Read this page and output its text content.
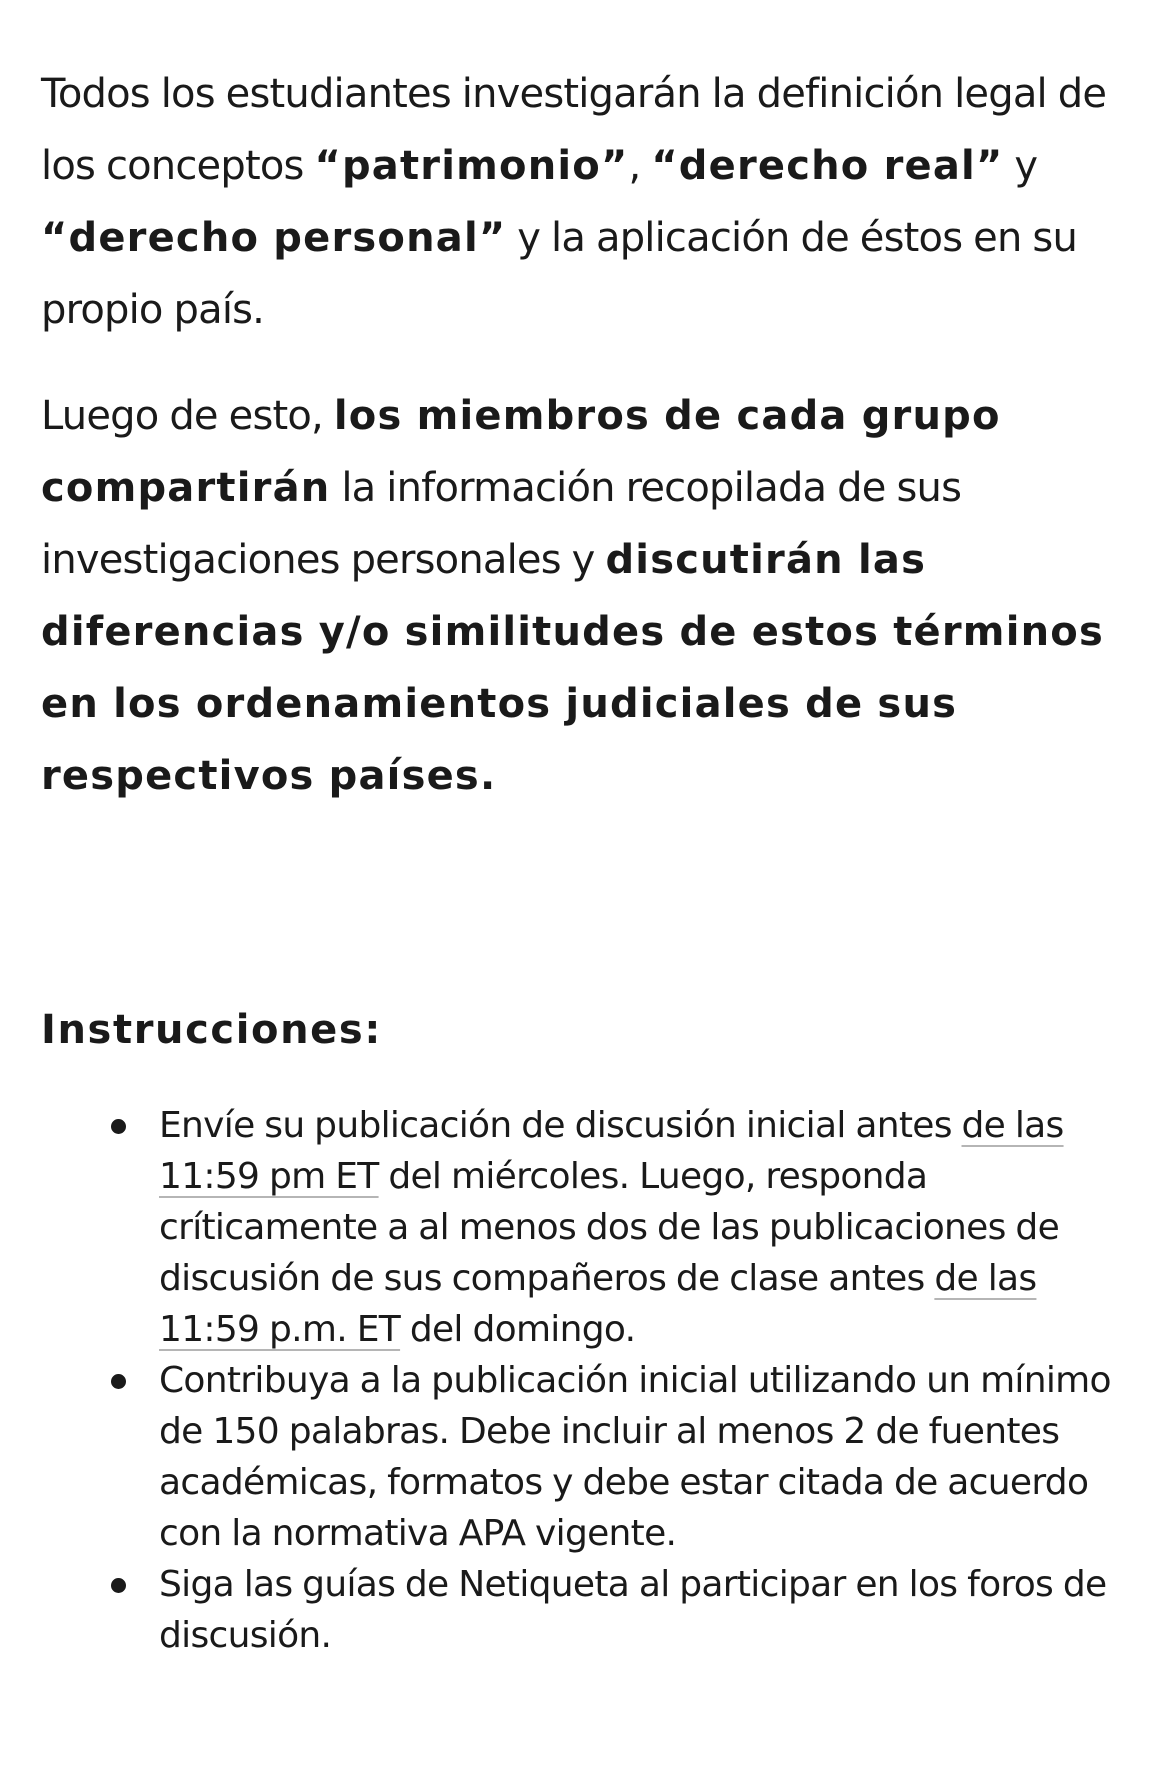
Todos los estudiantes investigarán la definición legal de los conceptos “patrimonio”, “derecho real” y “derecho personal” y la aplicación de éstos en su propio país.

Luego de esto, los miembros de cada grupo compartirán la información recopilada de sus investigaciones personales y discutirán las diferencias y/o similitudes de estos términos en los ordenamientos judiciales de sus respectivos países.

Instrucciones:
Envíe su publicación de discusión inicial antes de las 11:59 pm ET del miércoles. Luego, responda críticamente a al menos dos de las publicaciones de discusión de sus compañeros de clase antes de las 11:59 p.m. ET del domingo.
Contribuya a la publicación inicial utilizando un mínimo de 150 palabras. Debe incluir al menos 2 de fuentes académicas, formatos y debe estar citada de acuerdo con la normativa APA vigente.
Siga las guías de Netiqueta al participar en los foros de discusión.
